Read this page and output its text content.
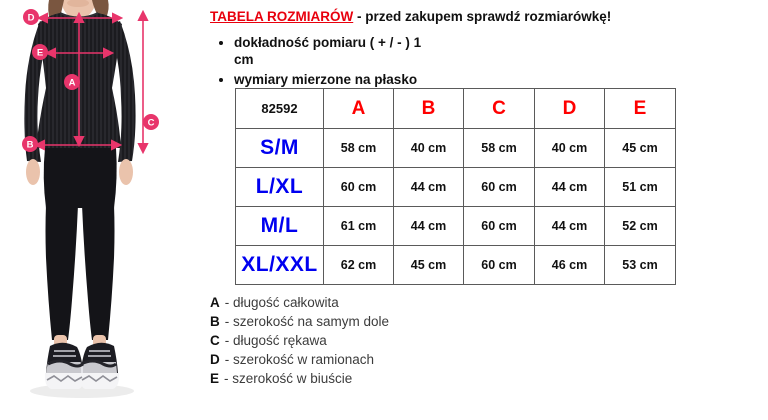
D
E
A
C
B
TABELA ROZMIARÓW - przed zakupem sprawdź rozmiarówkę!
• dokładność pomiaru ( + / - ) 1
cm
• wymiary mierzone na płasko
82592	A	B	C	D	E
S/M	58 cm	40 cm	58 cm	40 cm	45 cm
L/XL	60 cm	44 cm	60 cm	44 cm	51 cm
M/L	61 cm	44 cm	60 cm	44 cm	52 cm
XL/XXL	62 cm	45 cm	60 cm	46 cm	53 cm
A - długość całkowita
B - szerokość na samym dole
C - długość rękawa
D - szerokość w ramionach
E - szerokość w biuście
